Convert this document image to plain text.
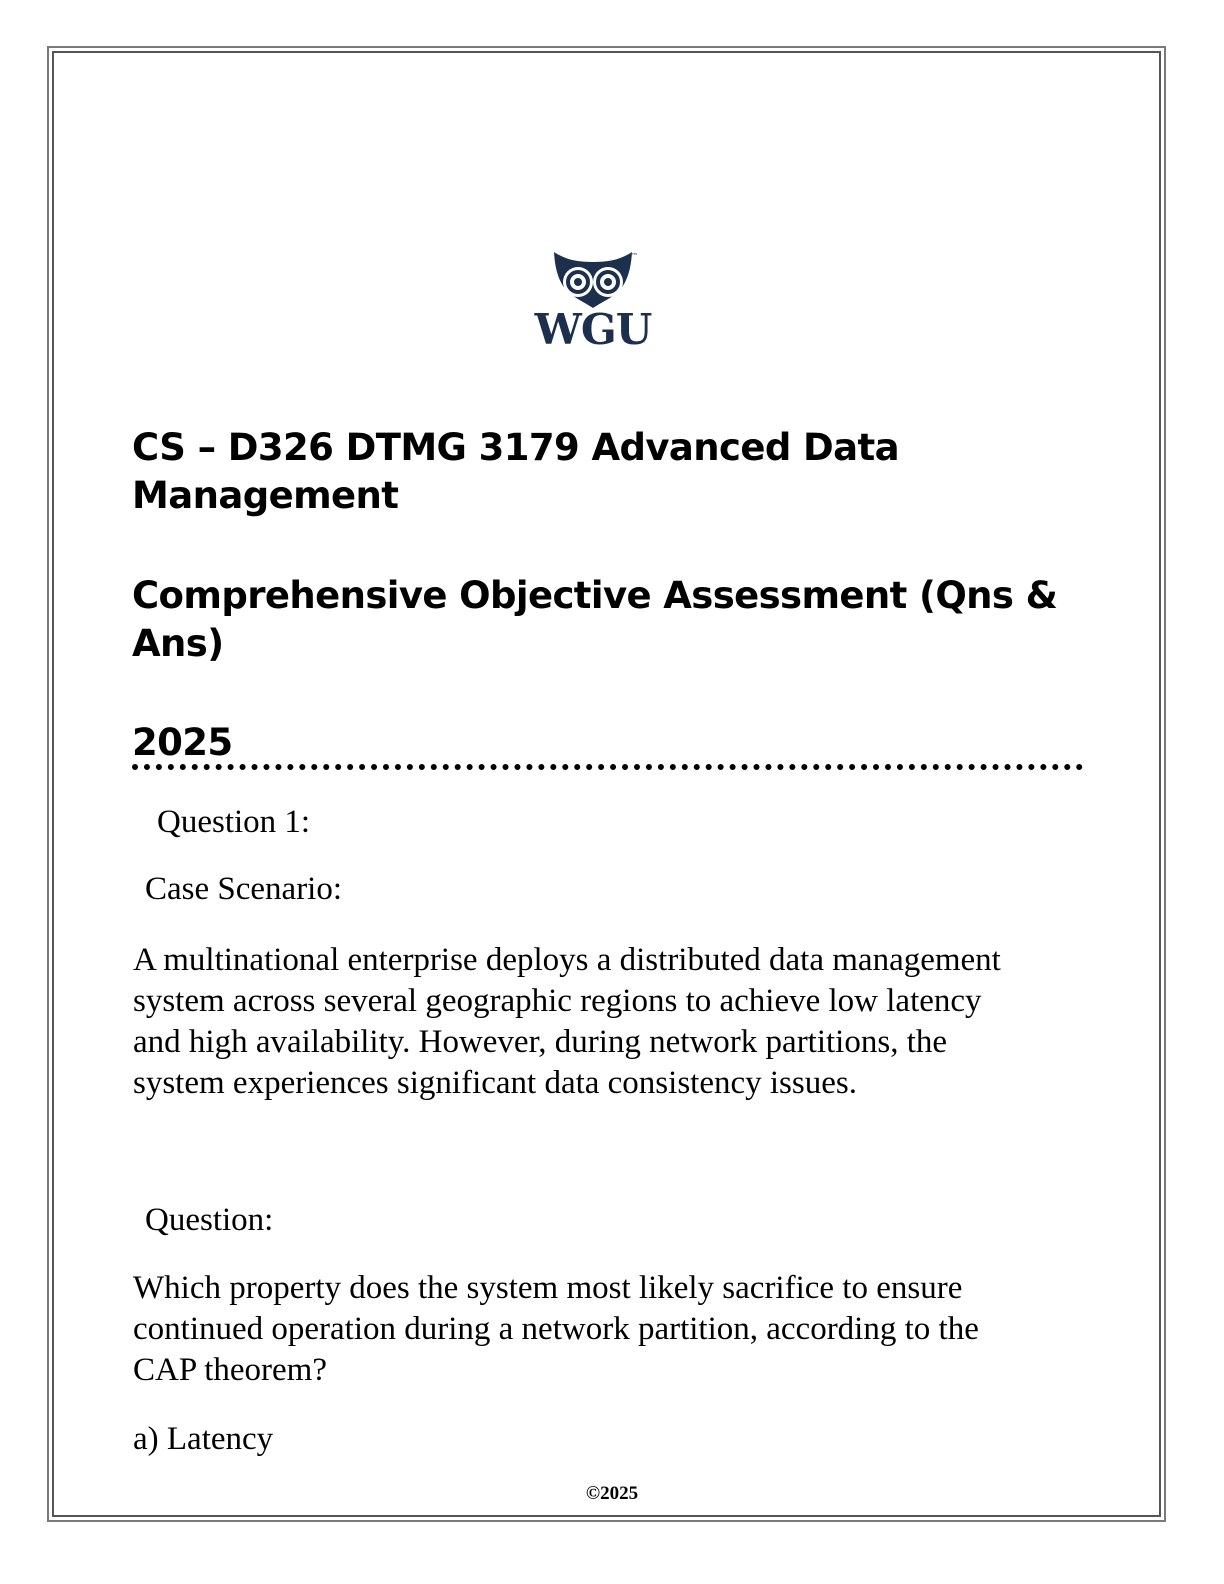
™
WGU
CS – D326 DTMG 3179 Advanced Data
Management
Comprehensive Objective Assessment (Qns &
Ans)
2025

Question 1:

Case Scenario:

A multinational enterprise deploys a distributed data management
system across several geographic regions to achieve low latency
and high availability. However, during network partitions, the
system experiences significant data consistency issues.

Question:

Which property does the system most likely sacrifice to ensure
continued operation during a network partition, according to the
CAP theorem?

a) Latency

©2025
